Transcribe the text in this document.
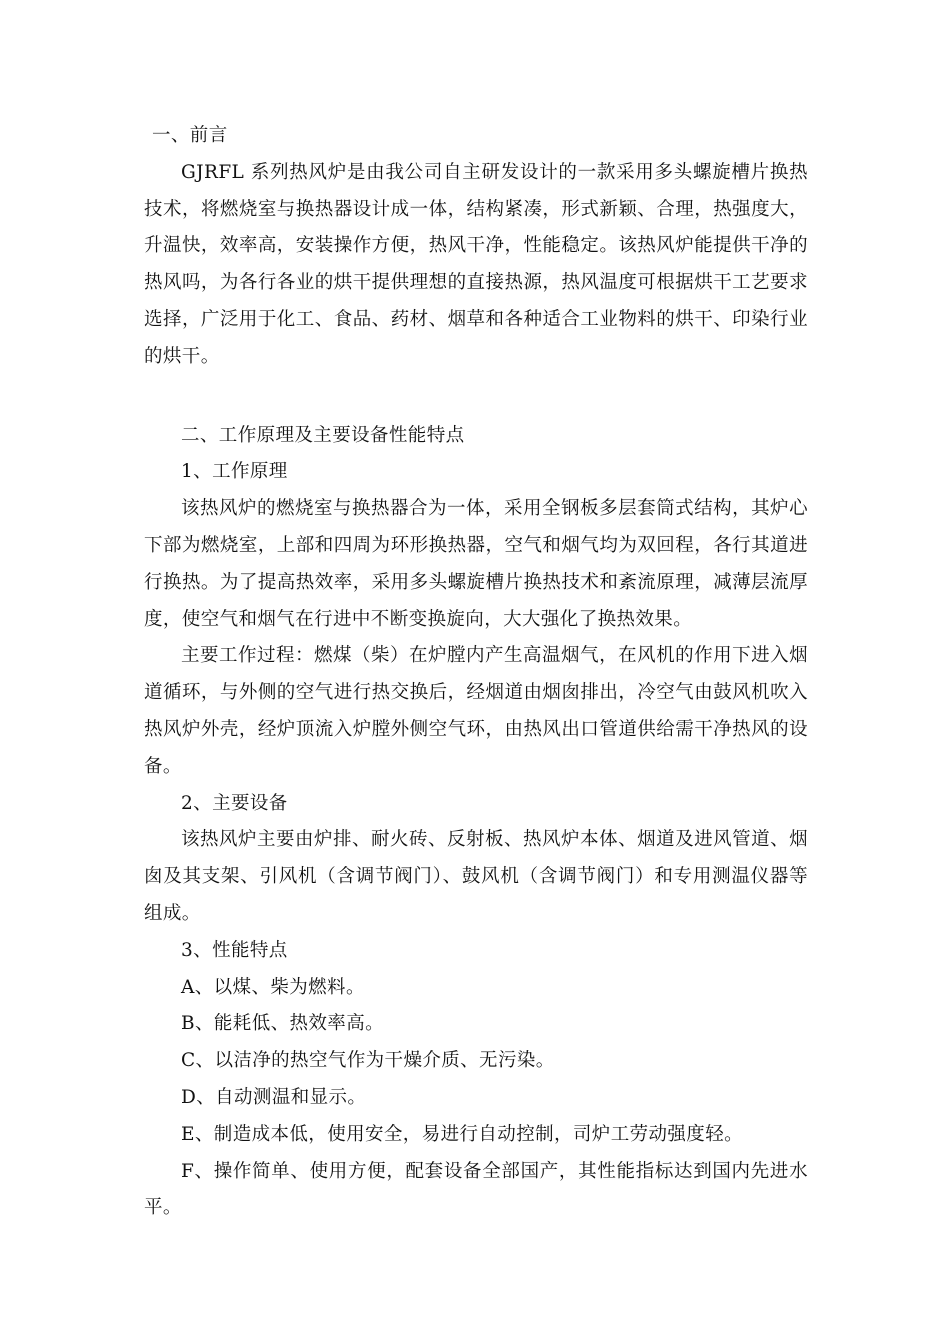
一、前言

GJRFL 系列热风炉是由我公司自主研发设计的一款采用多头螺旋槽片换热技术，将燃烧室与换热器设计成一体，结构紧凑，形式新颖、合理，热强度大，升温快，效率高，安装操作方便，热风干净，性能稳定。该热风炉能提供干净的热风吗，为各行各业的烘干提供理想的直接热源，热风温度可根据烘干工艺要求选择，广泛用于化工、食品、药材、烟草和各种适合工业物料的烘干、印染行业的烘干。

二、工作原理及主要设备性能特点

1、工作原理

该热风炉的燃烧室与换热器合为一体，采用全钢板多层套筒式结构，其炉心下部为燃烧室，上部和四周为环形换热器，空气和烟气均为双回程，各行其道进行换热。为了提高热效率，采用多头螺旋槽片换热技术和紊流原理，减薄层流厚度，使空气和烟气在行进中不断变换旋向，大大强化了换热效果。

主要工作过程：燃煤（柴）在炉膛内产生高温烟气，在风机的作用下进入烟道循环，与外侧的空气进行热交换后，经烟道由烟囱排出，冷空气由鼓风机吹入热风炉外壳，经炉顶流入炉膛外侧空气环，由热风出口管道供给需干净热风的设备。

2、主要设备

该热风炉主要由炉排、耐火砖、反射板、热风炉本体、烟道及进风管道、烟囱及其支架、引风机（含调节阀门）、鼓风机（含调节阀门）和专用测温仪器等组成。

3、性能特点

A、以煤、柴为燃料。

B、能耗低、热效率高。

C、以洁净的热空气作为干燥介质、无污染。

D、自动测温和显示。

E、制造成本低，使用安全，易进行自动控制，司炉工劳动强度轻。

F、操作简单、使用方便，配套设备全部国产，其性能指标达到国内先进水平。
